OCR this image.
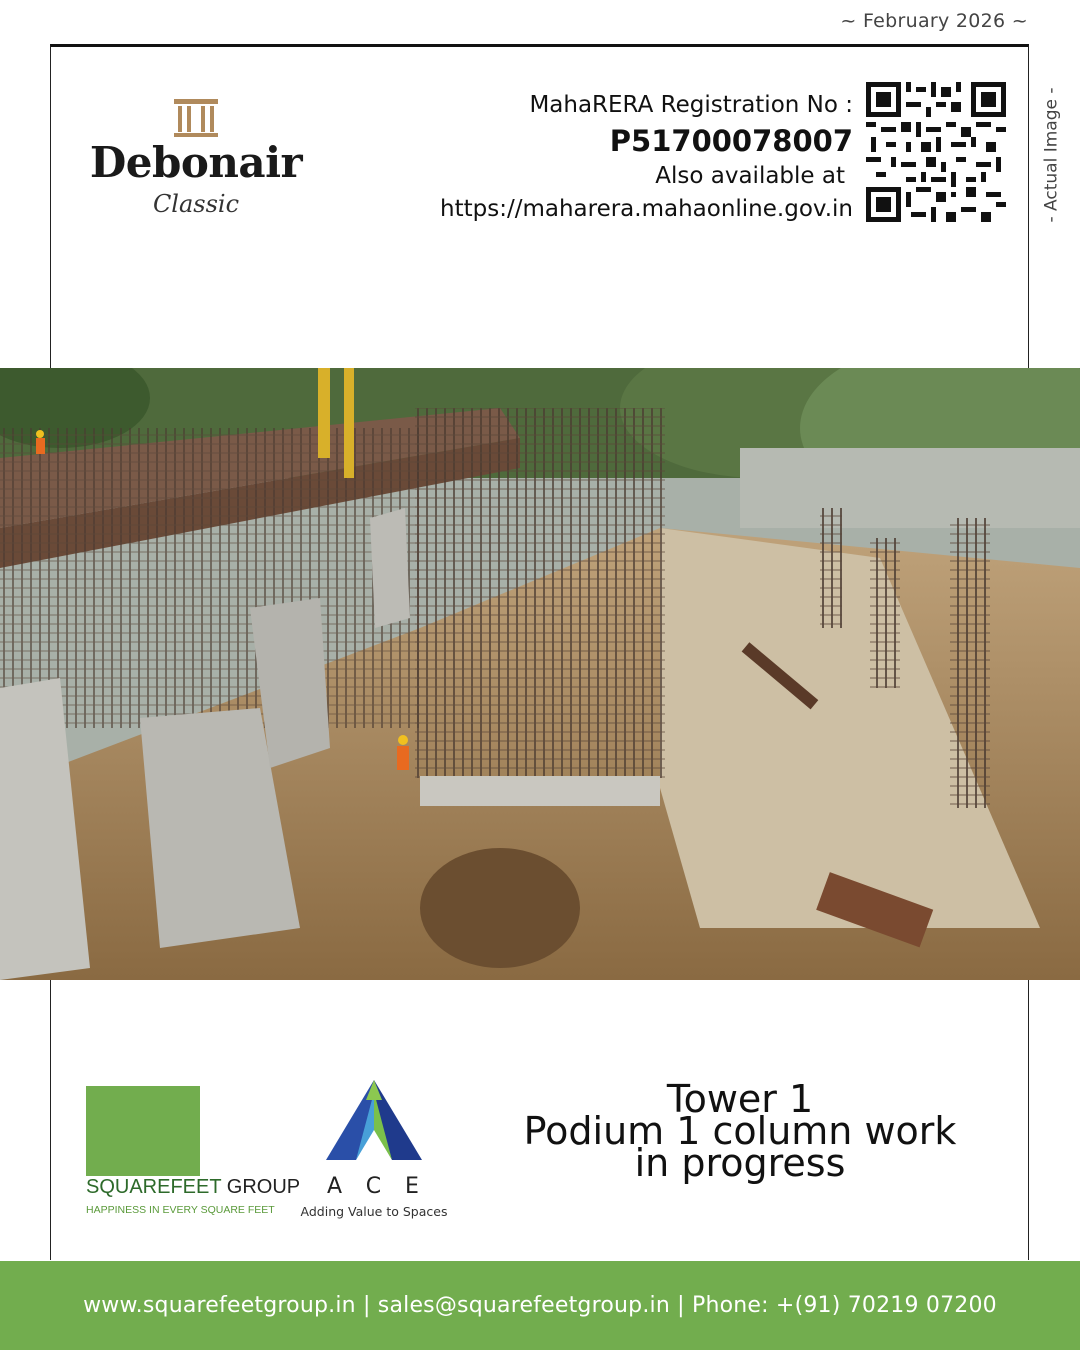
~ February 2026 ~
- Actual Image -
Debonair
Classic
MahaRERA Registration No :
P51700078007
Also available at
https://maharera.mahaonline.gov.in
SQUAREFEET GROUP
HAPPINESS IN EVERY SQUARE FEET
ACE
Adding Value to Spaces
Tower 1
Podium 1 column work
in progress
www.squarefeetgroup.in | sales@squarefeetgroup.in | Phone: +(91) 70219 07200
